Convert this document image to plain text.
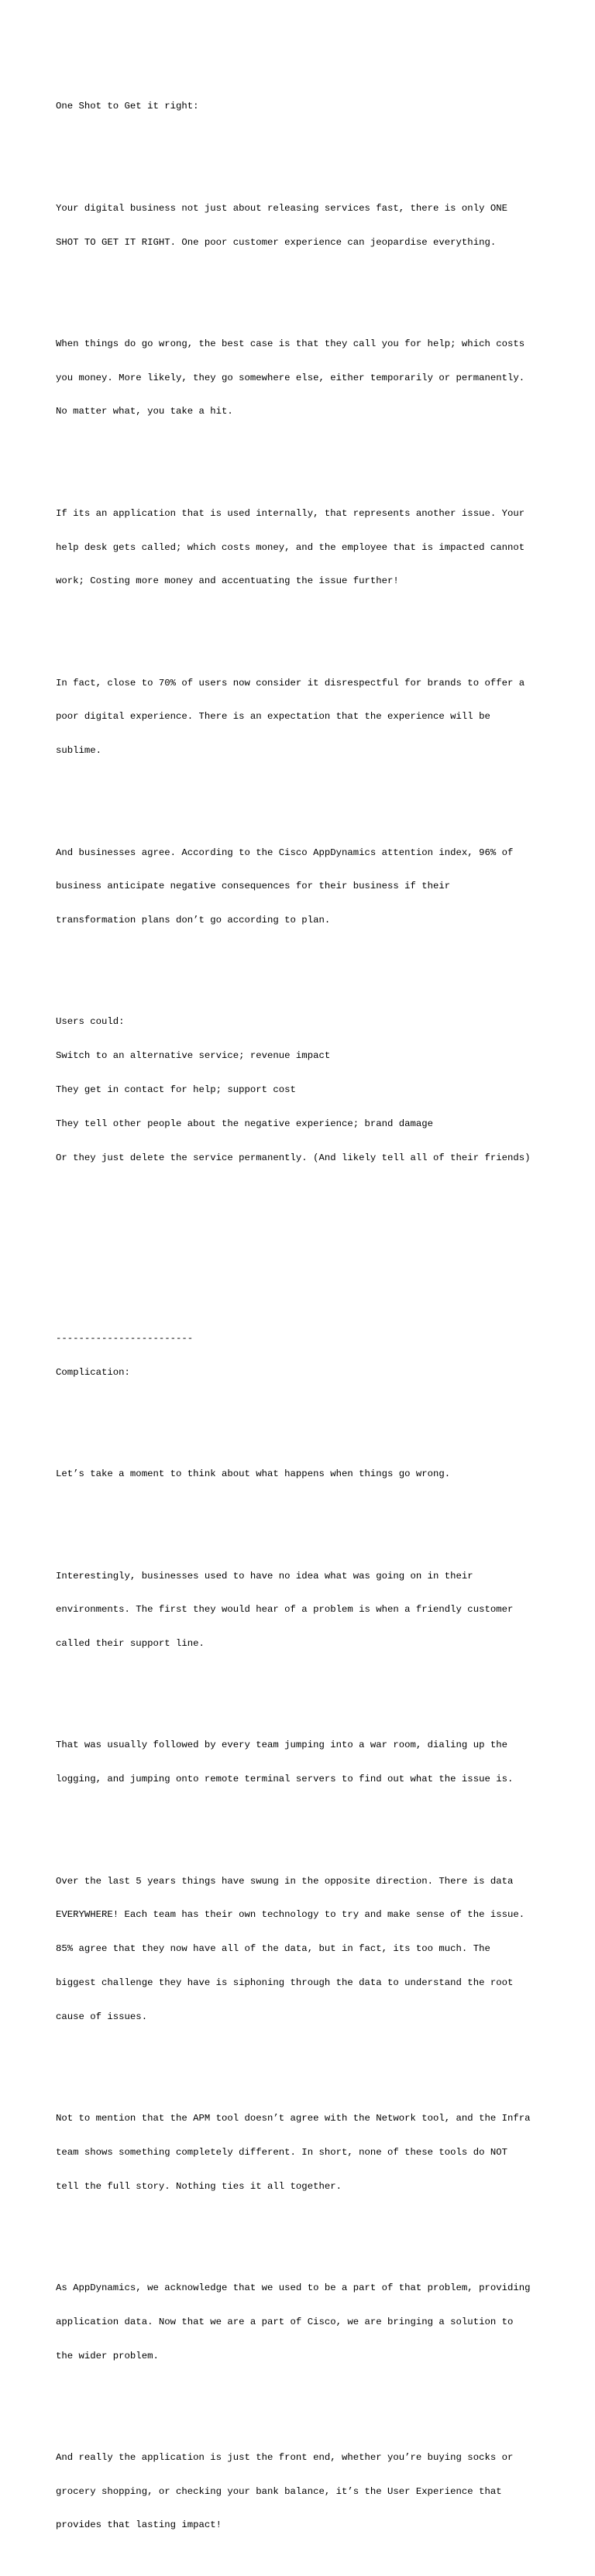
One Shot to Get it right:

Your digital business not just about releasing services fast, there is only ONE

SHOT TO GET IT RIGHT. One poor customer experience can jeopardise everything.

When things do go wrong, the best case is that they call you for help; which costs

you money. More likely, they go somewhere else, either temporarily or permanently.

No matter what, you take a hit.

If its an application that is used internally, that represents another issue. Your

help desk gets called; which costs money, and the employee that is impacted cannot

work; Costing more money and accentuating the issue further!

In fact, close to 70% of users now consider it disrespectful for brands to offer a

poor digital experience. There is an expectation that the experience will be

sublime.

And businesses agree. According to the Cisco AppDynamics attention index, 96% of

business anticipate negative consequences for their business if their

transformation plans don’t go according to plan.

Users could:

Switch to an alternative service; revenue impact

They get in contact for help; support cost

They tell other people about the negative experience; brand damage

Or they just delete the service permanently. (And likely tell all of their friends)

------------------------

Complication:

Let’s take a moment to think about what happens when things go wrong.

Interestingly, businesses used to have no idea what was going on in their

environments. The first they would hear of a problem is when a friendly customer

called their support line.

That was usually followed by every team jumping into a war room, dialing up the

logging, and jumping onto remote terminal servers to find out what the issue is.

Over the last 5 years things have swung in the opposite direction. There is data

EVERYWHERE! Each team has their own technology to try and make sense of the issue.

85% agree that they now have all of the data, but in fact, its too much. The

biggest challenge they have is siphoning through the data to understand the root

cause of issues.

Not to mention that the APM tool doesn’t agree with the Network tool, and the Infra

team shows something completely different. In short, none of these tools do NOT

tell the full story. Nothing ties it all together.

As AppDynamics, we acknowledge that we used to be a part of that problem, providing

application data. Now that we are a part of Cisco, we are bringing a solution to

the wider problem.

And really the application is just the front end, whether you’re buying socks or

grocery shopping, or checking your bank balance, it’s the User Experience that

provides that lasting impact!
